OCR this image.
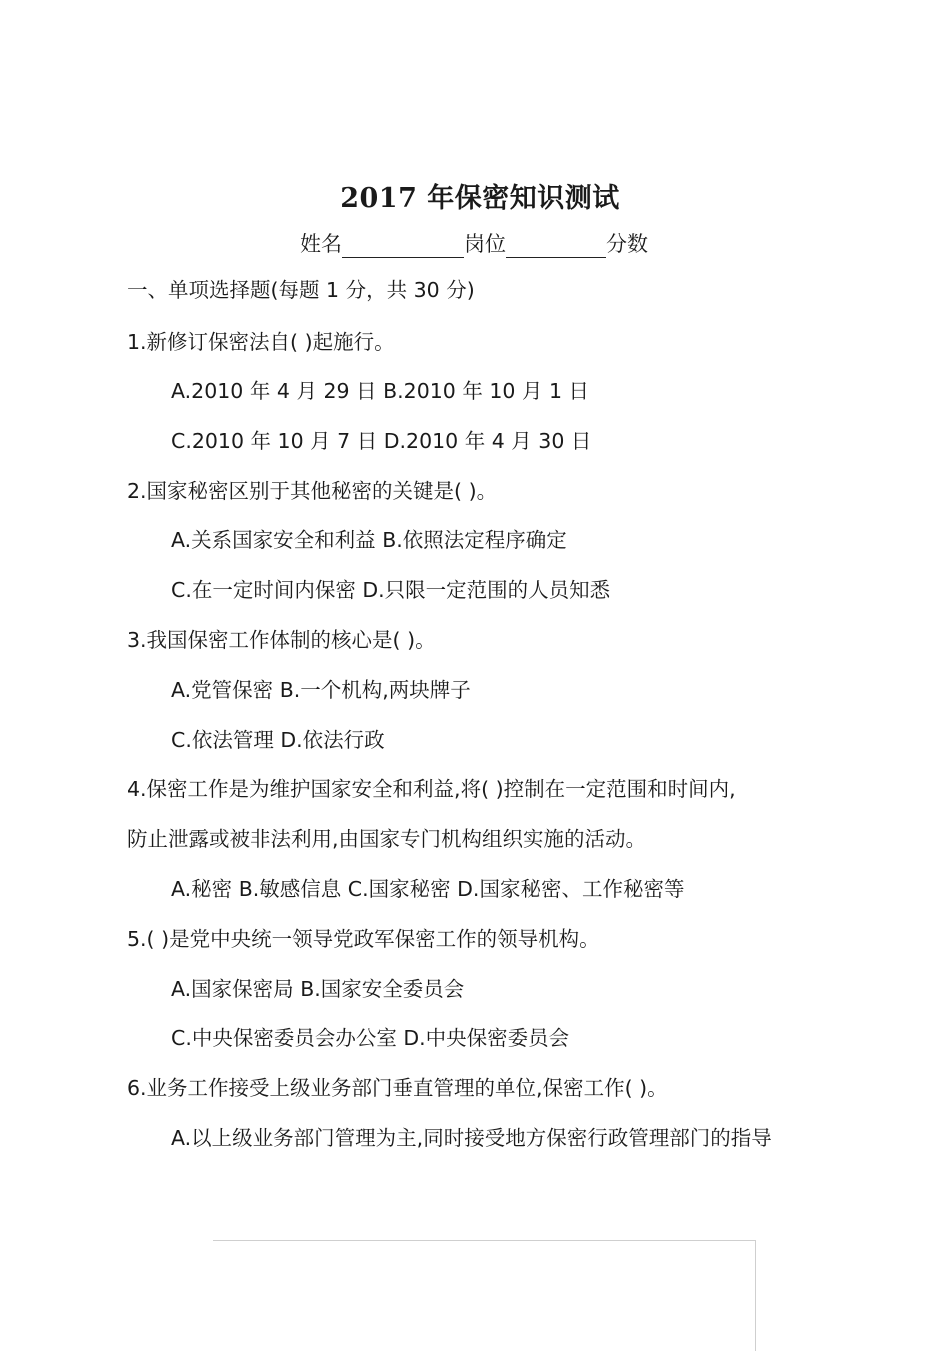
2017 年保密知识测试
姓名	岗位	分数
一、单项选择题(每题 1 分，共 30 分)
1.新修订保密法自( )起施行。
A.2010 年 4 月 29 日 B.2010 年 10 月 1 日
C.2010 年 10 月 7 日 D.2010 年 4 月 30 日
2.国家秘密区别于其他秘密的关键是( )。
A.关系国家安全和利益 B.依照法定程序确定
C.在一定时间内保密 D.只限一定范围的人员知悉
3.我国保密工作体制的核心是( )。
A.党管保密 B.一个机构,两块牌子
C.依法管理 D.依法行政
4.保密工作是为维护国家安全和利益,将( )控制在一定范围和时间内,
防止泄露或被非法利用,由国家专门机构组织实施的活动。
A.秘密 B.敏感信息 C.国家秘密 D.国家秘密、工作秘密等
5.( )是党中央统一领导党政军保密工作的领导机构。
A.国家保密局 B.国家安全委员会
C.中央保密委员会办公室 D.中央保密委员会
6.业务工作接受上级业务部门垂直管理的单位,保密工作( )。
A.以上级业务部门管理为主,同时接受地方保密行政管理部门的指导
